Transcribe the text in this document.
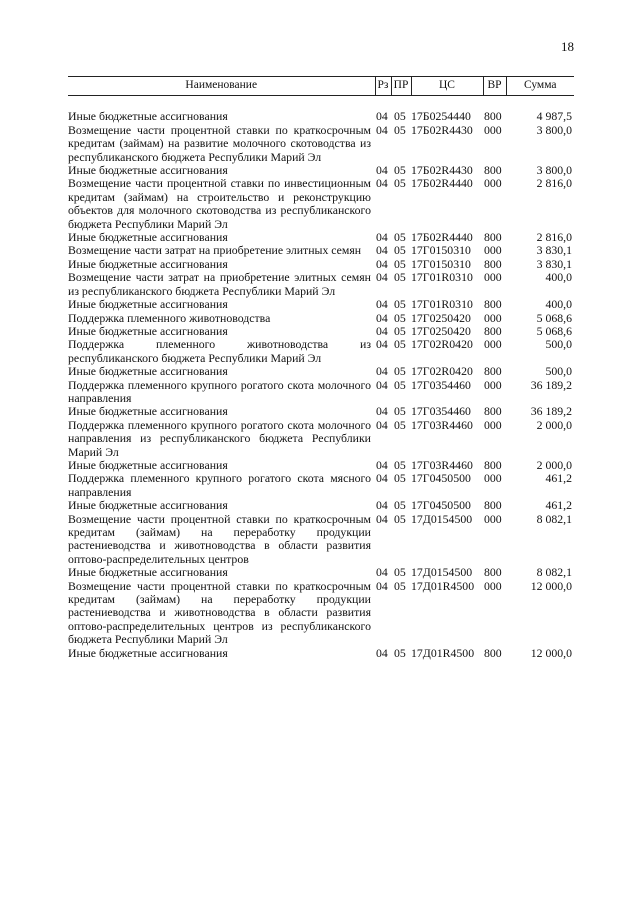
18
Наименование	Рз	ПР	ЦС	ВР	Сумма
Иные бюджетные ассигнования	04	05	17Б0254440	800	4 987,5
Возмещение части процентной ставки по краткосрочным кредитам (займам) на развитие молочного скотоводства из республиканского бюджета Республики Марий Эл	04	05	17Б02R4430	000	3 800,0
Иные бюджетные ассигнования	04	05	17Б02R4430	800	3 800,0
Возмещение части процентной ставки по инвестиционным кредитам (займам) на строительство и реконструкцию объектов для молочного скотоводства из республиканского бюджета Республики Марий Эл	04	05	17Б02R4440	000	2 816,0
Иные бюджетные ассигнования	04	05	17Б02R4440	800	2 816,0
Возмещение части затрат на приобретение элитных семян	04	05	17Г0150310	000	3 830,1
Иные бюджетные ассигнования	04	05	17Г0150310	800	3 830,1
Возмещение части затрат на приобретение элитных семян из республиканского бюджета Республики Марий Эл	04	05	17Г01R0310	000	400,0
Иные бюджетные ассигнования	04	05	17Г01R0310	800	400,0
Поддержка племенного животноводства	04	05	17Г0250420	000	5 068,6
Иные бюджетные ассигнования	04	05	17Г0250420	800	5 068,6
Поддержка племенного животноводства из республиканского бюджета Республики Марий Эл	04	05	17Г02R0420	000	500,0
Иные бюджетные ассигнования	04	05	17Г02R0420	800	500,0
Поддержка племенного крупного рогатого скота молочного направления	04	05	17Г0354460	000	36 189,2
Иные бюджетные ассигнования	04	05	17Г0354460	800	36 189,2
Поддержка племенного крупного рогатого скота молочного направления из республиканского бюджета Республики Марий Эл	04	05	17Г03R4460	000	2 000,0
Иные бюджетные ассигнования	04	05	17Г03R4460	800	2 000,0
Поддержка племенного крупного рогатого скота мясного направления	04	05	17Г0450500	000	461,2
Иные бюджетные ассигнования	04	05	17Г0450500	800	461,2
Возмещение части процентной ставки по краткосрочным кредитам (займам) на переработку продукции растениеводства и животноводства в области развития оптово-распределительных центров	04	05	17Д0154500	000	8 082,1
Иные бюджетные ассигнования	04	05	17Д0154500	800	8 082,1
Возмещение части процентной ставки по краткосрочным кредитам (займам) на переработку продукции растениеводства и животноводства в области развития оптово-распределительных центров из республиканского бюджета Республики Марий Эл	04	05	17Д01R4500	000	12 000,0
Иные бюджетные ассигнования	04	05	17Д01R4500	800	12 000,0
